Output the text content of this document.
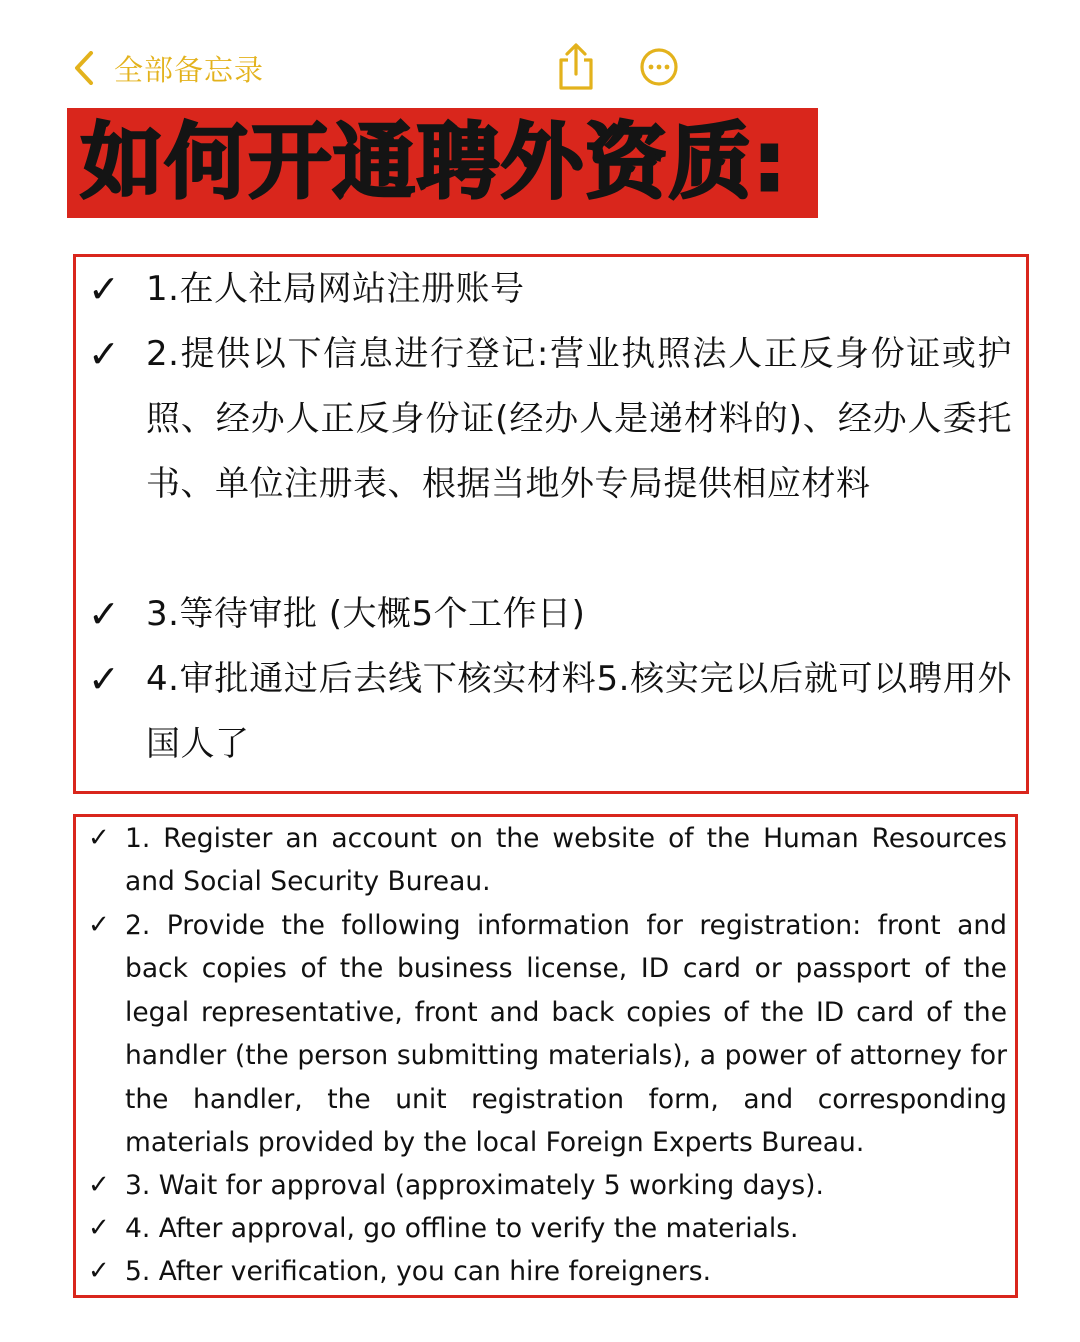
全部备忘录
如何开通聘外资质:
✓ 1.在人社局网站注册账号
✓ 2.提供以下信息进行登记:营业执照法人正反身份证或护照、经办人正反身份证(经办人是递材料的)、经办人委托书、单位注册表、根据当地外专局提供相应材料
✓ 3.等待审批 (大概5个工作日)
✓ 4.审批通过后去线下核实材料5.核实完以后就可以聘用外国人了
✓ 1. Register an account on the website of the Human Resources and Social Security Bureau.
✓ 2. Provide the following information for registration: front and back copies of the business license, ID card or passport of the legal representative, front and back copies of the ID card of the handler (the person submitting materials), a power of attorney for the handler, the unit registration form, and corresponding materials provided by the local Foreign Experts Bureau.
✓ 3. Wait for approval (approximately 5 working days).
✓ 4. After approval, go offline to verify the materials.
✓ 5. After verification, you can hire foreigners.
